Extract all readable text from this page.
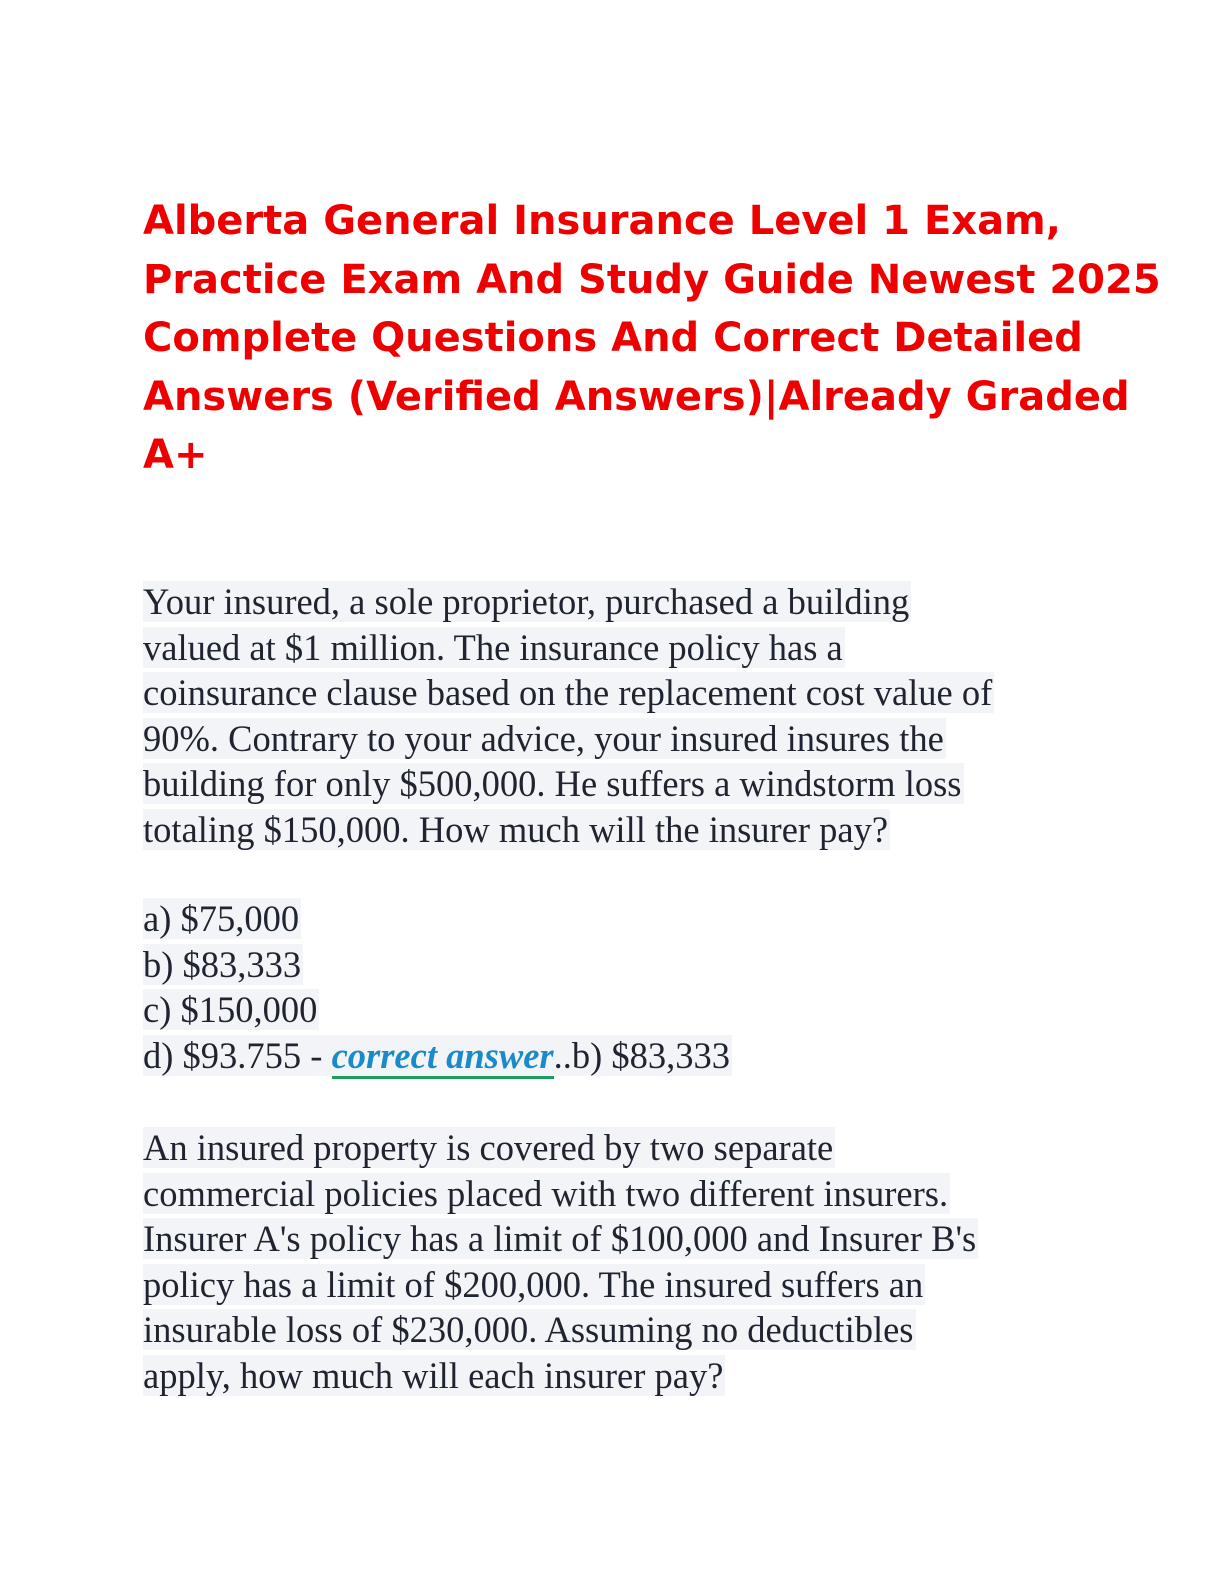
Alberta General Insurance Level 1 Exam,
Practice Exam And Study Guide Newest 2025
Complete Questions And Correct Detailed
Answers (Verified Answers)|Already Graded
A+
Your insured, a sole proprietor, purchased a building
valued at $1 million. The insurance policy has a
coinsurance clause based on the replacement cost value of
90%. Contrary to your advice, your insured insures the
building for only $500,000. He suffers a windstorm loss
totaling $150,000. How much will the insurer pay?
a) $75,000
b) $83,333
c) $150,000
d) $93.755 - correct answer..b) $83,333
An insured property is covered by two separate
commercial policies placed with two different insurers.
Insurer A's policy has a limit of $100,000 and Insurer B's
policy has a limit of $200,000. The insured suffers an
insurable loss of $230,000. Assuming no deductibles
apply, how much will each insurer pay?
